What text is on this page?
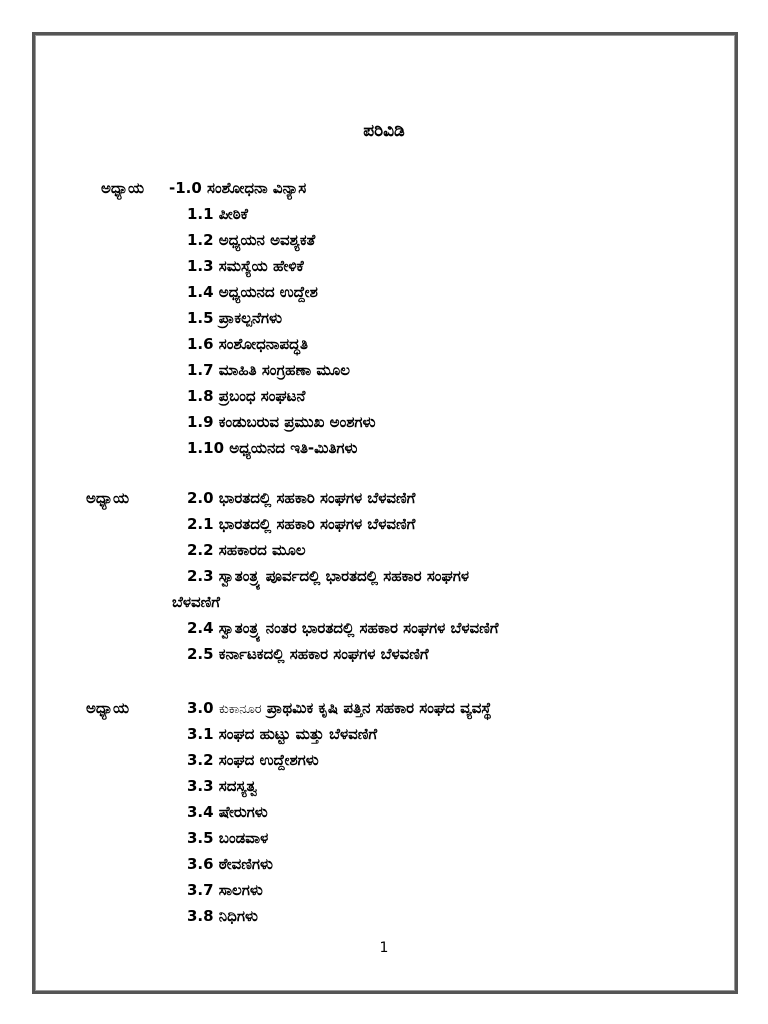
ಪರಿವಿಡಿ
ಅಧ್ಯಾಯ -1.0 ಸಂಶೋಧನಾ ವಿನ್ಯಾಸ
1.1 ಪೀಠಿಕೆ
1.2 ಅಧ್ಯಯನ ಅವಶ್ಯಕತೆ
1.3 ಸಮಸ್ಯೆಯ ಹೇಳಿಕೆ
1.4 ಅಧ್ಯಯನದ ಉದ್ದೇಶ
1.5 ಪ್ರಾಕಲ್ಪನೆಗಳು
1.6 ಸಂಶೋಧನಾಪದ್ಧತಿ
1.7 ಮಾಹಿತಿ ಸಂಗ್ರಹಣಾ ಮೂಲ
1.8 ಪ್ರಬಂಧ ಸಂಘಟನೆ
1.9 ಕಂಡುಬರುವ ಪ್ರಮುಖ ಅಂಶಗಳು
1.10 ಅಧ್ಯಯನದ ಇತಿ-ಮಿತಿಗಳು
ಅಧ್ಯಾಯ	2.0 ಭಾರತದಲ್ಲಿ ಸಹಕಾರಿ ಸಂಘಗಳ ಬೆಳವಣಿಗೆ
2.1 ಭಾರತದಲ್ಲಿ ಸಹಕಾರಿ ಸಂಘಗಳ ಬೆಳವಣಿಗೆ
2.2 ಸಹಕಾರದ ಮೂಲ
2.3 ಸ್ವಾತಂತ್ರ್ಯ ಪೂರ್ವದಲ್ಲಿ ಭಾರತದಲ್ಲಿ ಸಹಕಾರ ಸಂಘಗಳ
ಬೆಳವಣಿಗೆ
2.4 ಸ್ವಾತಂತ್ರ್ಯ ನಂತರ ಭಾರತದಲ್ಲಿ ಸಹಕಾರ ಸಂಘಗಳ ಬೆಳವಣಿಗೆ
2.5 ಕರ್ನಾಟಕದಲ್ಲಿ ಸಹಕಾರ ಸಂಘಗಳ ಬೆಳವಣಿಗೆ
ಅಧ್ಯಾಯ	3.0 ಕುಕಾನೂರ ಪ್ರಾಥಮಿಕ ಕೃಷಿ ಪತ್ತಿನ ಸಹಕಾರ ಸಂಘದ ವ್ಯವಸ್ಥೆ
3.1 ಸಂಘದ ಹುಟ್ಟು ಮತ್ತು ಬೆಳವಣಿಗೆ
3.2 ಸಂಘದ ಉದ್ದೇಶಗಳು
3.3 ಸದಸ್ಯತ್ವ
3.4 ಷೇರುಗಳು
3.5 ಬಂಡವಾಳ
3.6 ಠೇವಣಿಗಳು
3.7 ಸಾಲಗಳು
3.8 ನಿಧಿಗಳು
1
